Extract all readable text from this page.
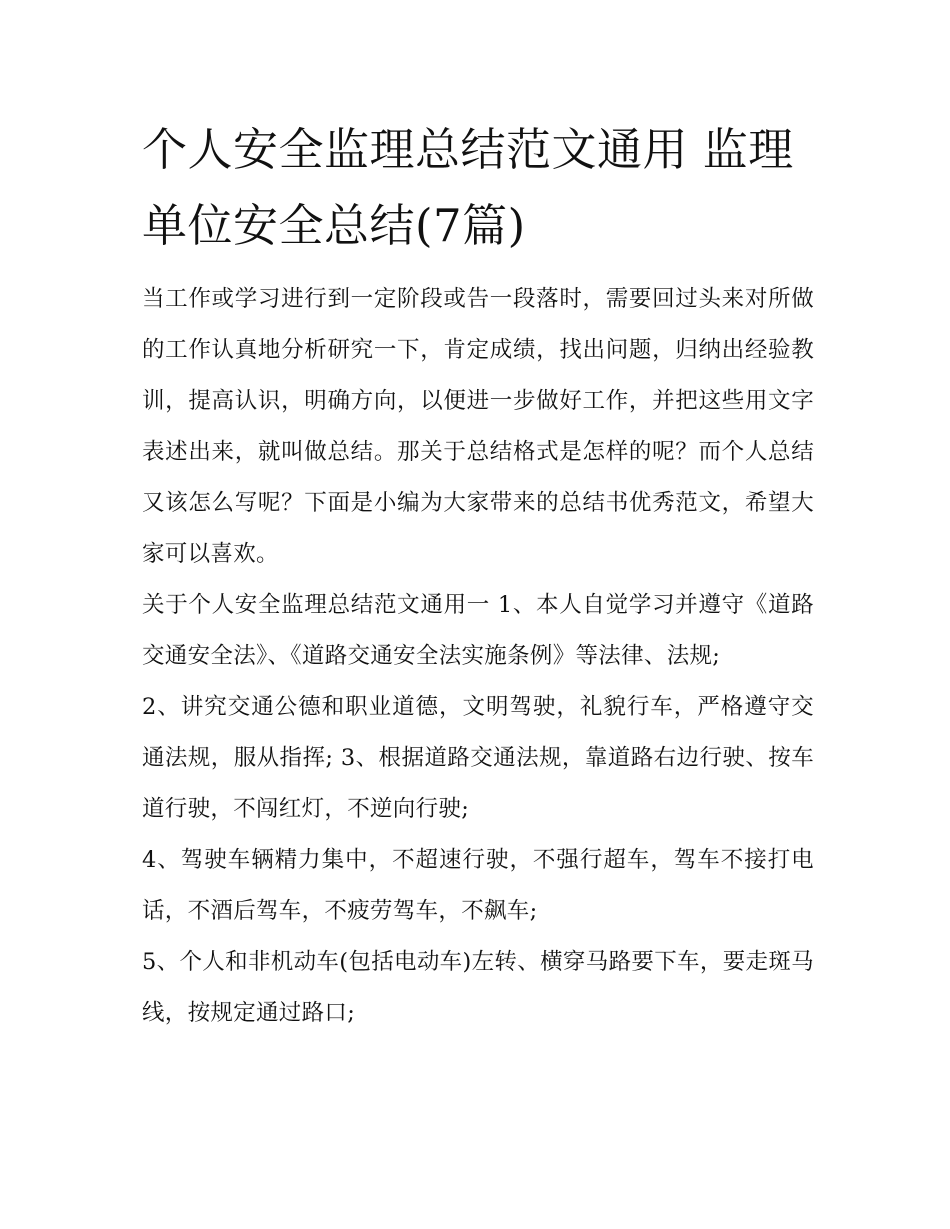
个人安全监理总结范文通用 监理单位安全总结(7篇)

当工作或学习进行到一定阶段或告一段落时，需要回过头来对所做的工作认真地分析研究一下，肯定成绩，找出问题，归纳出经验教训，提高认识，明确方向，以便进一步做好工作，并把这些用文字表述出来，就叫做总结。那关于总结格式是怎样的呢？而个人总结又该怎么写呢？下面是小编为大家带来的总结书优秀范文，希望大家可以喜欢。

关于个人安全监理总结范文通用一 1、本人自觉学习并遵守《道路交通安全法》、《道路交通安全法实施条例》等法律、法规;

2、讲究交通公德和职业道德，文明驾驶，礼貌行车，严格遵守交通法规，服从指挥; 3、根据道路交通法规，靠道路右边行驶、按车道行驶，不闯红灯，不逆向行驶;

4、驾驶车辆精力集中，不超速行驶，不强行超车，驾车不接打电话，不酒后驾车，不疲劳驾车，不飙车;

5、个人和非机动车(包括电动车)左转、横穿马路要下车，要走斑马线，按规定通过路口;
